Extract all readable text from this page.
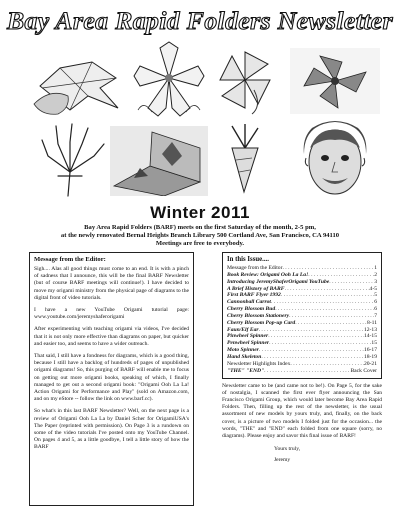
Bay Area Rapid Folders Newsletter
Winter 2011
Bay Area Rapid Folders (BARF) meets on the first Saturday of the month, 2-5 pm,
at the newly renovated Bernal Heights Branch Library 500 Cortland Ave, San Francisco, CA 94110
Meetings are free to everybody.
Message from the Editor:

Sigh.... Alas all good things must come to an end. It is with a pinch of sadness that I announce, this will be the final BARF Newsletter (but of course BARF meetings will continue!). I have decided to move my origami ministry from the physical page of diagrams to the digital front of video tutorials.

I have a new YouTube Origami tutorial page: www.youtube.com/jeremyshaferorigami

After experimenting with teaching origami via videos, I've decided that it is not only more effective than diagrams on paper, but quicker and easier too, and seems to have a wider outreach.

That said, I still have a fondness for diagrams, which is a good thing, because I still have a backlog of hundreds of pages of unpublished origami diagrams! So, this purging of BARF will enable me to focus on getting out more origami books, speaking of which, I finally managed to get out a second origami book: "Origami Ooh La La! Action Origami for Performance and Play" (sold on Amazon.com, and on my eStore -- follow the link on www.barf.cc).

So what's in this last BARF Newsletter? Well, on the next page is a review of Origami Ooh La La by Daniel Scher for OrigamiUSA's The Paper (reprinted with permission). On Page 3 is a rundown on some of the video tutorials I've posted onto my YouTube Channel. On pages 4 and 5, as a little goodbye, I tell a little story of how the BARF

In this Issue....
Message from the Editor . . .	1
Book Review: Origami Ooh La La! . . .	2
Introducing JeremyShaferOrigami YouTube . . .	3
A Brief History of BARF . . .	4-5
First BARF Flyer 1992 . . .	5
Cannonball Carrot . . .	6
Cherry Blossom Bud . . .	6
Cherry Blossom Stationery . . .	7
Cherry Blossom Pop-up Card . . .	8-11
Faun/Elf Ear . . .	12-13
Pinwheel Spinner . . .	14-15
Penwheel Spinner . . .	15
Moto Spinner . . .	16-17
Hand Skeleton . . .	18-19
Newsletter Highlights Index . . .	20-21
"THE" "END" . . .	Back Cover

Newsletter came to be (and came not to be!). On Page 5, for the sake of nostalgia, I scanned the first ever flyer announcing the San Francisco Origami Group, which would later become Bay Area Rapid Folders. Then, filling up the rest of the newsletter, is the usual assortment of new models by yours truly, and, finally, on the back cover, is a picture of two models I folded just for the occasion... the words, "THE" and "END" each folded from one square (sorry, no diagrams). Please enjoy and savor this final issue of BARF!

Yours truly,
Jeremy
